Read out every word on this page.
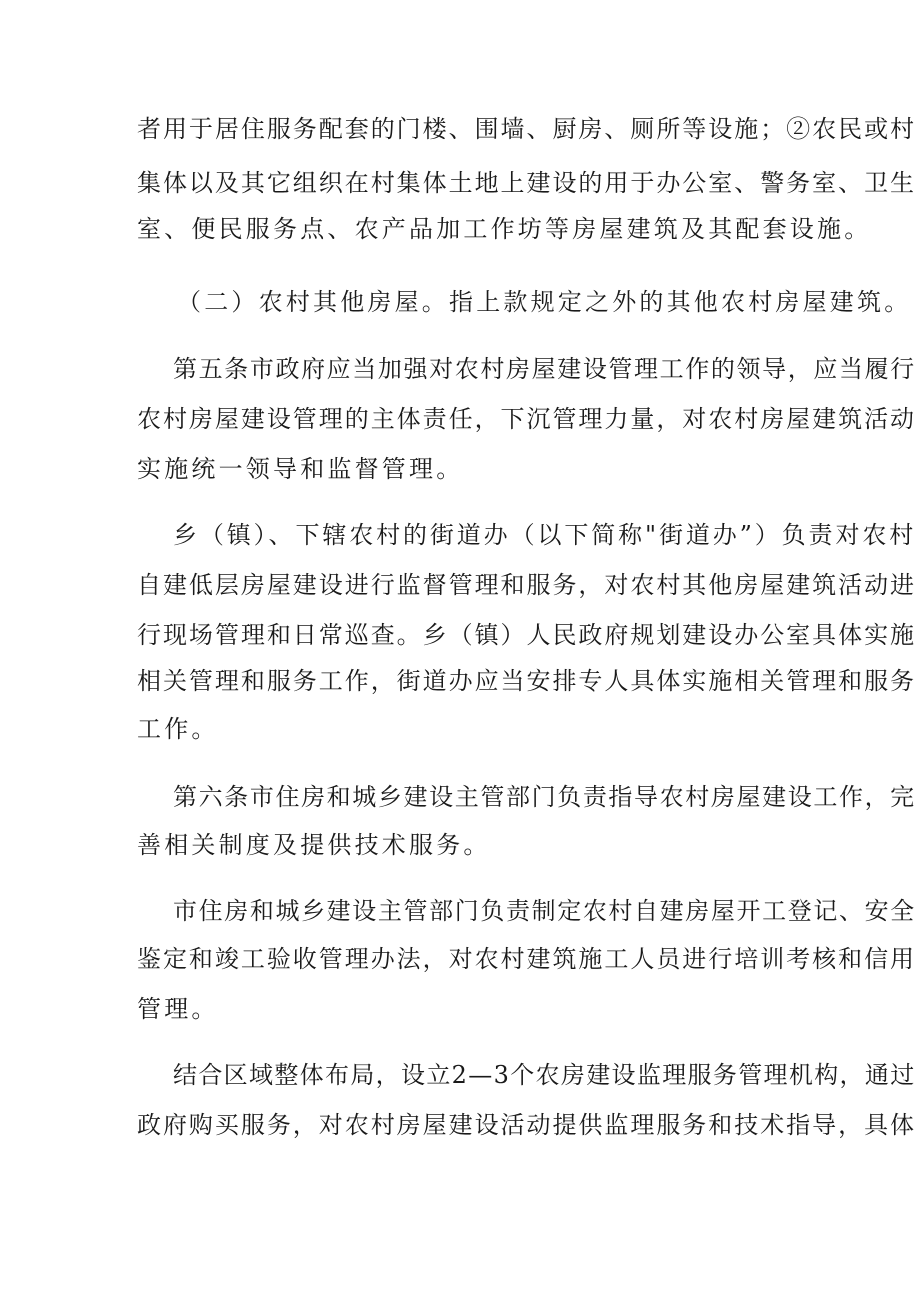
者用于居住服务配套的门楼、围墙、厨房、厕所等设施；②农民或村
集体以及其它组织在村集体土地上建设的用于办公室、警务室、卫生
室、便民服务点、农产品加工作坊等房屋建筑及其配套设施。
（二）农村其他房屋。指上款规定之外的其他农村房屋建筑。
第五条市政府应当加强对农村房屋建设管理工作的领导，应当履行
农村房屋建设管理的主体责任，下沉管理力量，对农村房屋建筑活动
实施统一领导和监督管理。
乡（镇）、下辖农村的街道办（以下简称"街道办”）负责对农村
自建低层房屋建设进行监督管理和服务，对农村其他房屋建筑活动进
行现场管理和日常巡查。乡（镇）人民政府规划建设办公室具体实施
相关管理和服务工作，街道办应当安排专人具体实施相关管理和服务
工作。
第六条市住房和城乡建设主管部门负责指导农村房屋建设工作，完
善相关制度及提供技术服务。
市住房和城乡建设主管部门负责制定农村自建房屋开工登记、安全
鉴定和竣工验收管理办法，对农村建筑施工人员进行培训考核和信用
管理。
结合区域整体布局，设立2—3个农房建设监理服务管理机构，通过
政府购买服务，对农村房屋建设活动提供监理服务和技术指导，具体
